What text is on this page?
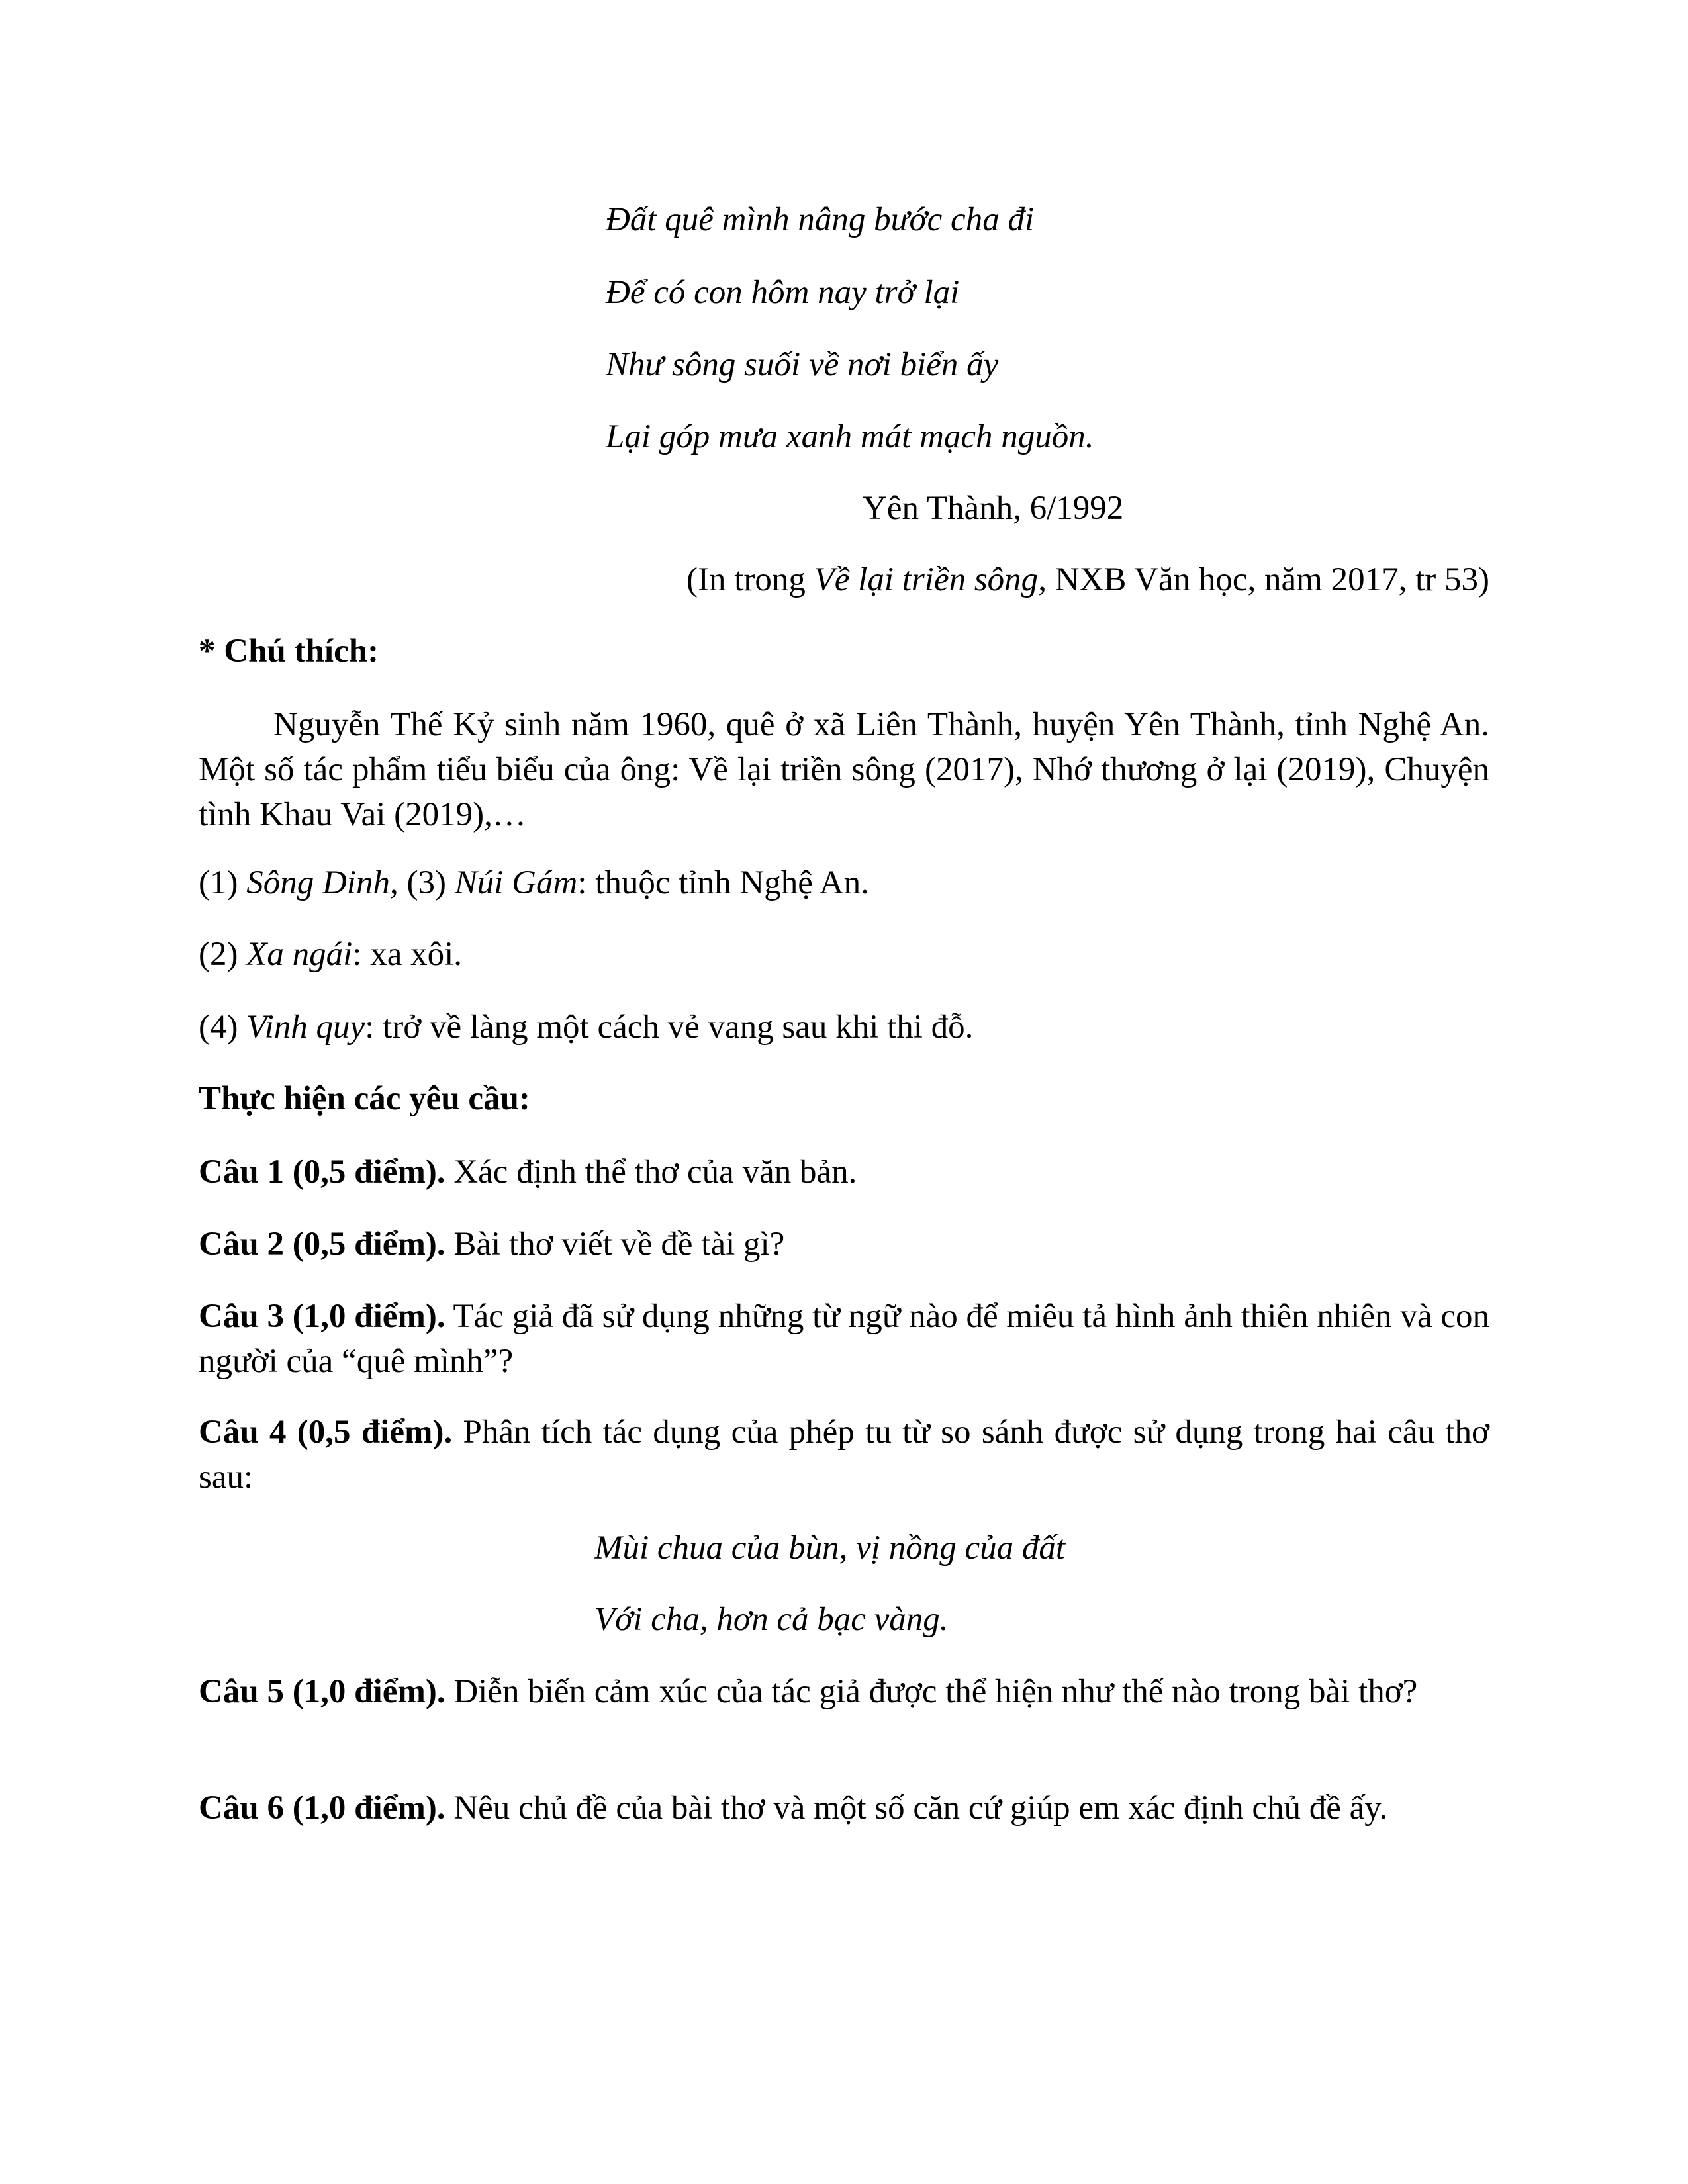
Đất quê mình nâng bước cha đi

Để có con hôm nay trở lại

Như sông suối về nơi biển ấy

Lại góp mưa xanh mát mạch nguồn.

Yên Thành, 6/1992

(In trong Về lại triền sông, NXB Văn học, năm 2017, tr 53)

* Chú thích:

Nguyễn Thế Kỷ sinh năm 1960, quê ở xã Liên Thành, huyện Yên Thành, tỉnh Nghệ An. Một số tác phẩm tiểu biểu của ông: Về lại triền sông (2017), Nhớ thương ở lại (2019), Chuyện tình Khau Vai (2019),…

(1) Sông Dinh, (3) Núi Gám: thuộc tỉnh Nghệ An.

(2) Xa ngái: xa xôi.

(4) Vinh quy: trở về làng một cách vẻ vang sau khi thi đỗ.

Thực hiện các yêu cầu:

Câu 1 (0,5 điểm). Xác định thể thơ của văn bản.

Câu 2 (0,5 điểm). Bài thơ viết về đề tài gì?

Câu 3 (1,0 điểm). Tác giả đã sử dụng những từ ngữ nào để miêu tả hình ảnh thiên nhiên và con người của “quê mình”?

Câu 4 (0,5 điểm). Phân tích tác dụng của phép tu từ so sánh được sử dụng trong hai câu thơ sau:

Mùi chua của bùn, vị nồng của đất

Với cha, hơn cả bạc vàng.

Câu 5 (1,0 điểm). Diễn biến cảm xúc của tác giả được thể hiện như thế nào trong bài thơ?

Câu 6 (1,0 điểm). Nêu chủ đề của bài thơ và một số căn cứ giúp em xác định chủ đề ấy.
